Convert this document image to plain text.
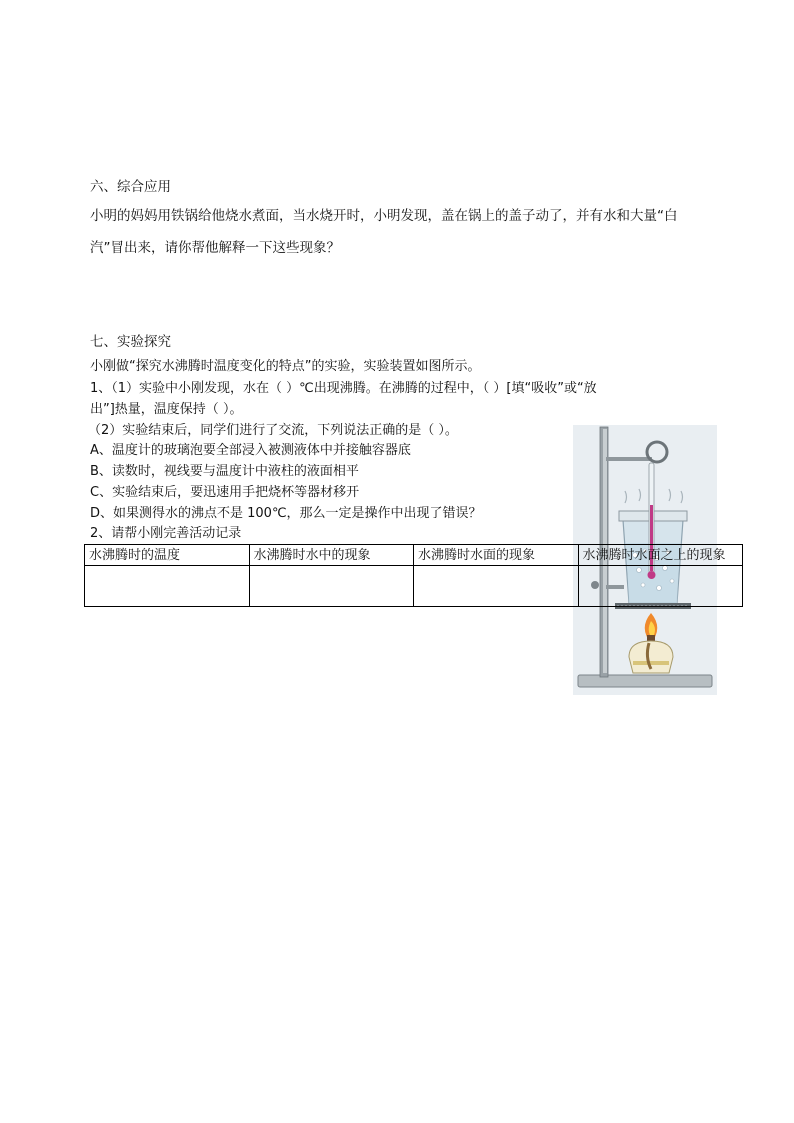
六、综合应用
小明的妈妈用铁锅给他烧水煮面，当水烧开时，小明发现，盖在锅上的盖子动了，并有水和大量“白
汽”冒出来，请你帮他解释一下这些现象？
七、实验探究
小刚做“探究水沸腾时温度变化的特点”的实验，实验装置如图所示。
1、（1）实验中小刚发现，水在（ ）℃出现沸腾。在沸腾的过程中，（ ）[填“吸收”或“放
出”]热量，温度保持（ ）。
（2）实验结束后，同学们进行了交流，下列说法正确的是（ ）。
A、温度计的玻璃泡要全部浸入被测液体中并接触容器底
B、读数时，视线要与温度计中液柱的液面相平
C、实验结束后，要迅速用手把烧杯等器材移开
D、如果测得水的沸点不是 100℃，那么一定是操作中出现了错误？
2、请帮小刚完善活动记录
水沸腾时的温度	水沸腾时水中的现象	水沸腾时水面的现象	水沸腾时水面之上的现象
